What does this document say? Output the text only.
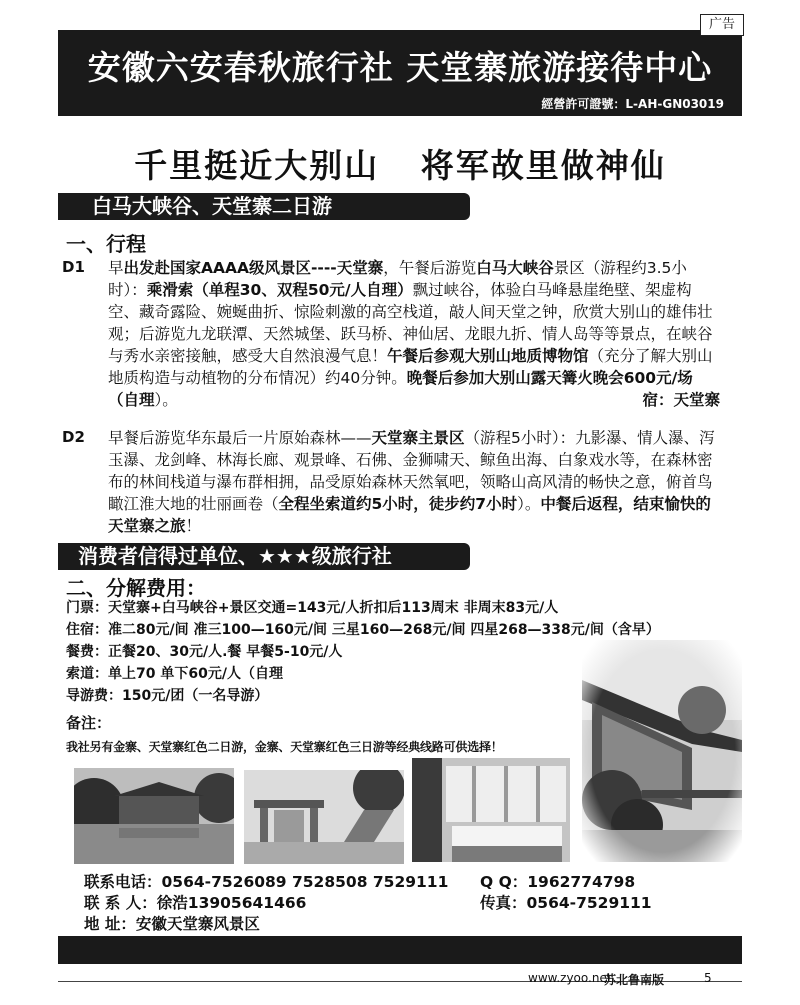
广告
安徽六安春秋旅行社 天堂寨旅游接待中心
經營許可證號：L-AH-GN03019
千里挺近大别山 将军故里做神仙
白马大峡谷、天堂寨二日游
一、行程
D1 早出发赴国家AAAA级风景区----天堂寨，午餐后游览白马大峡谷景区（游程约3.5小时）：乘滑索（单程30、双程50元/人自理）飘过峡谷，体验白马峰悬崖绝壁、架虚构空、藏奇露险、婉蜒曲折、惊险刺激的高空栈道，敲人间天堂之钟，欣赏大别山的雄伟壮观；后游览九龙联潭、天然城堡、跃马桥、神仙居、龙眼九折、情人岛等等景点，在峡谷与秀水亲密接触，感受大自然浪漫气息！午餐后参观大别山地质博物馆（充分了解大别山地质构造与动植物的分布情况）约40分钟。晚餐后参加大别山露天篝火晚会600元/场（自理）。	宿：天堂寨
D2 早餐后游览华东最后一片原始森林——天堂寨主景区（游程5小时）：九影瀑、情人瀑、泻玉瀑、龙剑峰、林海长廊、观景峰、石佛、金狮啸天、鲸鱼出海、白象戏水等，在森林密布的林间栈道与瀑布群相拥，品受原始森林天然氧吧，领略山高风清的畅快之意，俯首鸟瞰江淮大地的壮丽画卷（全程坐索道约5小时，徒步约7小时）。中餐后返程，结束愉快的天堂寨之旅！
消费者信得过单位、★★★级旅行社
二、分解费用：
门票：天堂寨+白马峡谷+景区交通=143元/人折扣后113周末 非周末83元/人
住宿：准二80元/间 准三100—160元/间 三星160—268元/间 四星268—338元/间（含早）
餐费：正餐20、30元/人.餐 早餐5-10元/人
索道：单上70 单下60元/人（自理
导游费：150元/团（一名导游）
备注：
我社另有金寨、天堂寨红色二日游，金寨、天堂寨红色三日游等经典线路可供选择！
联系电话：0564-7526089 7528508 7529111 Q Q：1962774798
联 系 人：徐浩13905641466	传真：0564-7529111
地 址：安徽天堂寨风景区
www.zyoo.net
苏北鲁南版	5
